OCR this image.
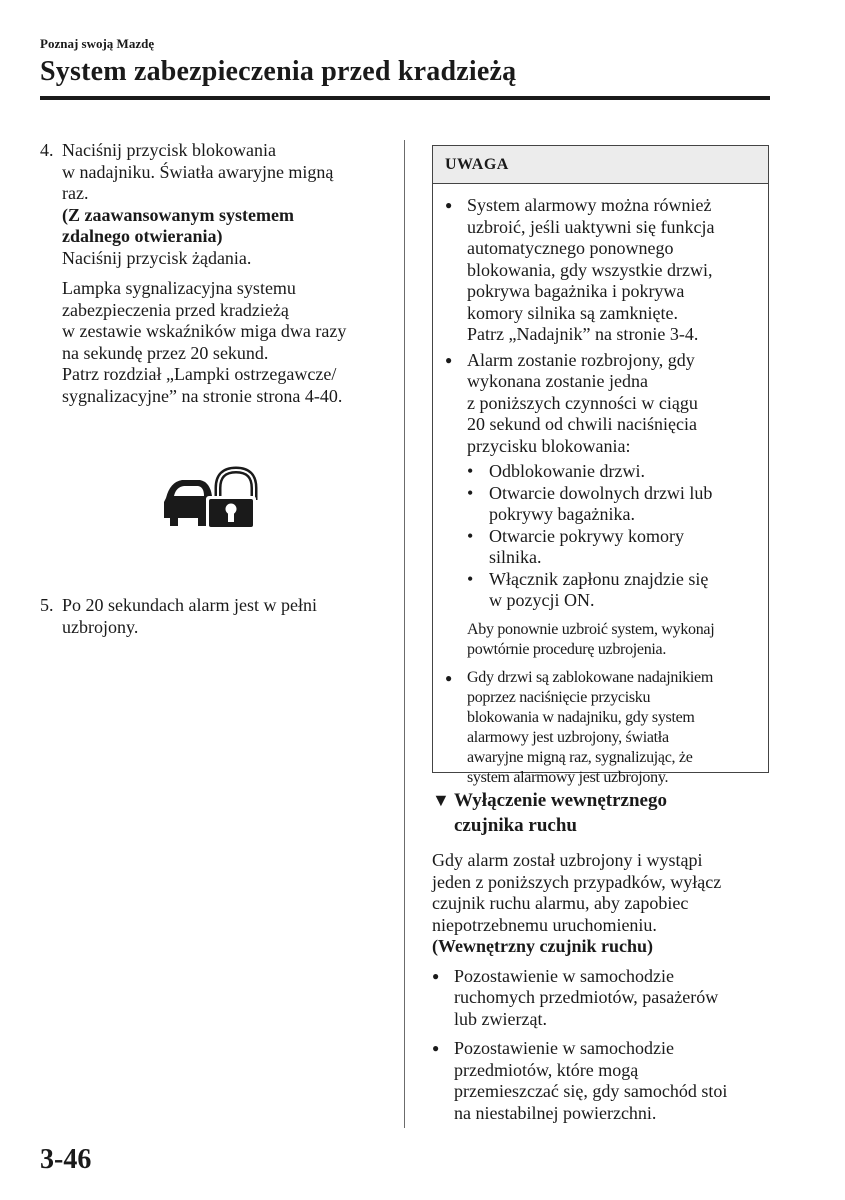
Poznaj swoją Mazdę
System zabezpieczenia przed kradzieżą
4. Naciśnij przycisk blokowania
w nadajniku. Światła awaryjne migną
raz.
(Z zaawansowanym systemem
zdalnego otwierania)
Naciśnij przycisk żądania.
Lampka sygnalizacyjna systemu
zabezpieczenia przed kradzieżą
w zestawie wskaźników miga dwa razy
na sekundę przez 20 sekund.
Patrz rozdział „Lampki ostrzegawcze/
sygnalizacyjne” na stronie strona 4-40.
5. Po 20 sekundach alarm jest w pełni
uzbrojony.
UWAGA
● System alarmowy można również
uzbroić, jeśli uaktywni się funkcja
automatycznego ponownego
blokowania, gdy wszystkie drzwi,
pokrywa bagażnika i pokrywa
komory silnika są zamknięte.
Patrz „Nadajnik” na stronie 3-4.
● Alarm zostanie rozbrojony, gdy
wykonana zostanie jedna
z poniższych czynności w ciągu
20 sekund od chwili naciśnięcia
przycisku blokowania:
• Odblokowanie drzwi.
• Otwarcie dowolnych drzwi lub
pokrywy bagażnika.
• Otwarcie pokrywy komory
silnika.
• Włącznik zapłonu znajdzie się
w pozycji ON.
Aby ponownie uzbroić system, wykonaj
powtórnie procedurę uzbrojenia.
● Gdy drzwi są zablokowane nadajnikiem
poprzez naciśnięcie przycisku
blokowania w nadajniku, gdy system
alarmowy jest uzbrojony, światła
awaryjne migną raz, sygnalizując, że
system alarmowy jest uzbrojony.
▼ Wyłączenie wewnętrznego
czujnika ruchu
Gdy alarm został uzbrojony i wystąpi
jeden z poniższych przypadków, wyłącz
czujnik ruchu alarmu, aby zapobiec
niepotrzebnemu uruchomieniu.
(Wewnętrzny czujnik ruchu)
● Pozostawienie w samochodzie
ruchomych przedmiotów, pasażerów
lub zwierząt.
● Pozostawienie w samochodzie
przedmiotów, które mogą
przemieszczać się, gdy samochód stoi
na niestabilnej powierzchni.
3-46
